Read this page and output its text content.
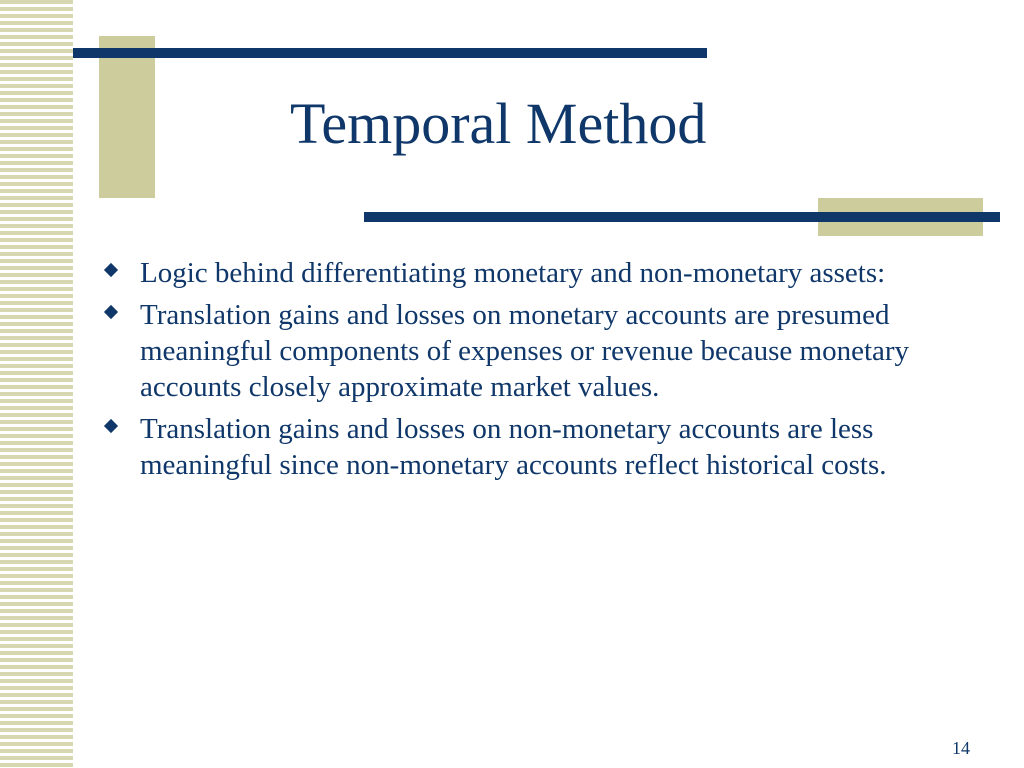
Temporal Method
Logic behind differentiating monetary and non-monetary assets:
Translation gains and losses on monetary accounts are presumed meaningful components of expenses or revenue because monetary accounts closely approximate market values.
Translation gains and losses on non-monetary accounts are less meaningful since non-monetary accounts reflect historical costs.
14
